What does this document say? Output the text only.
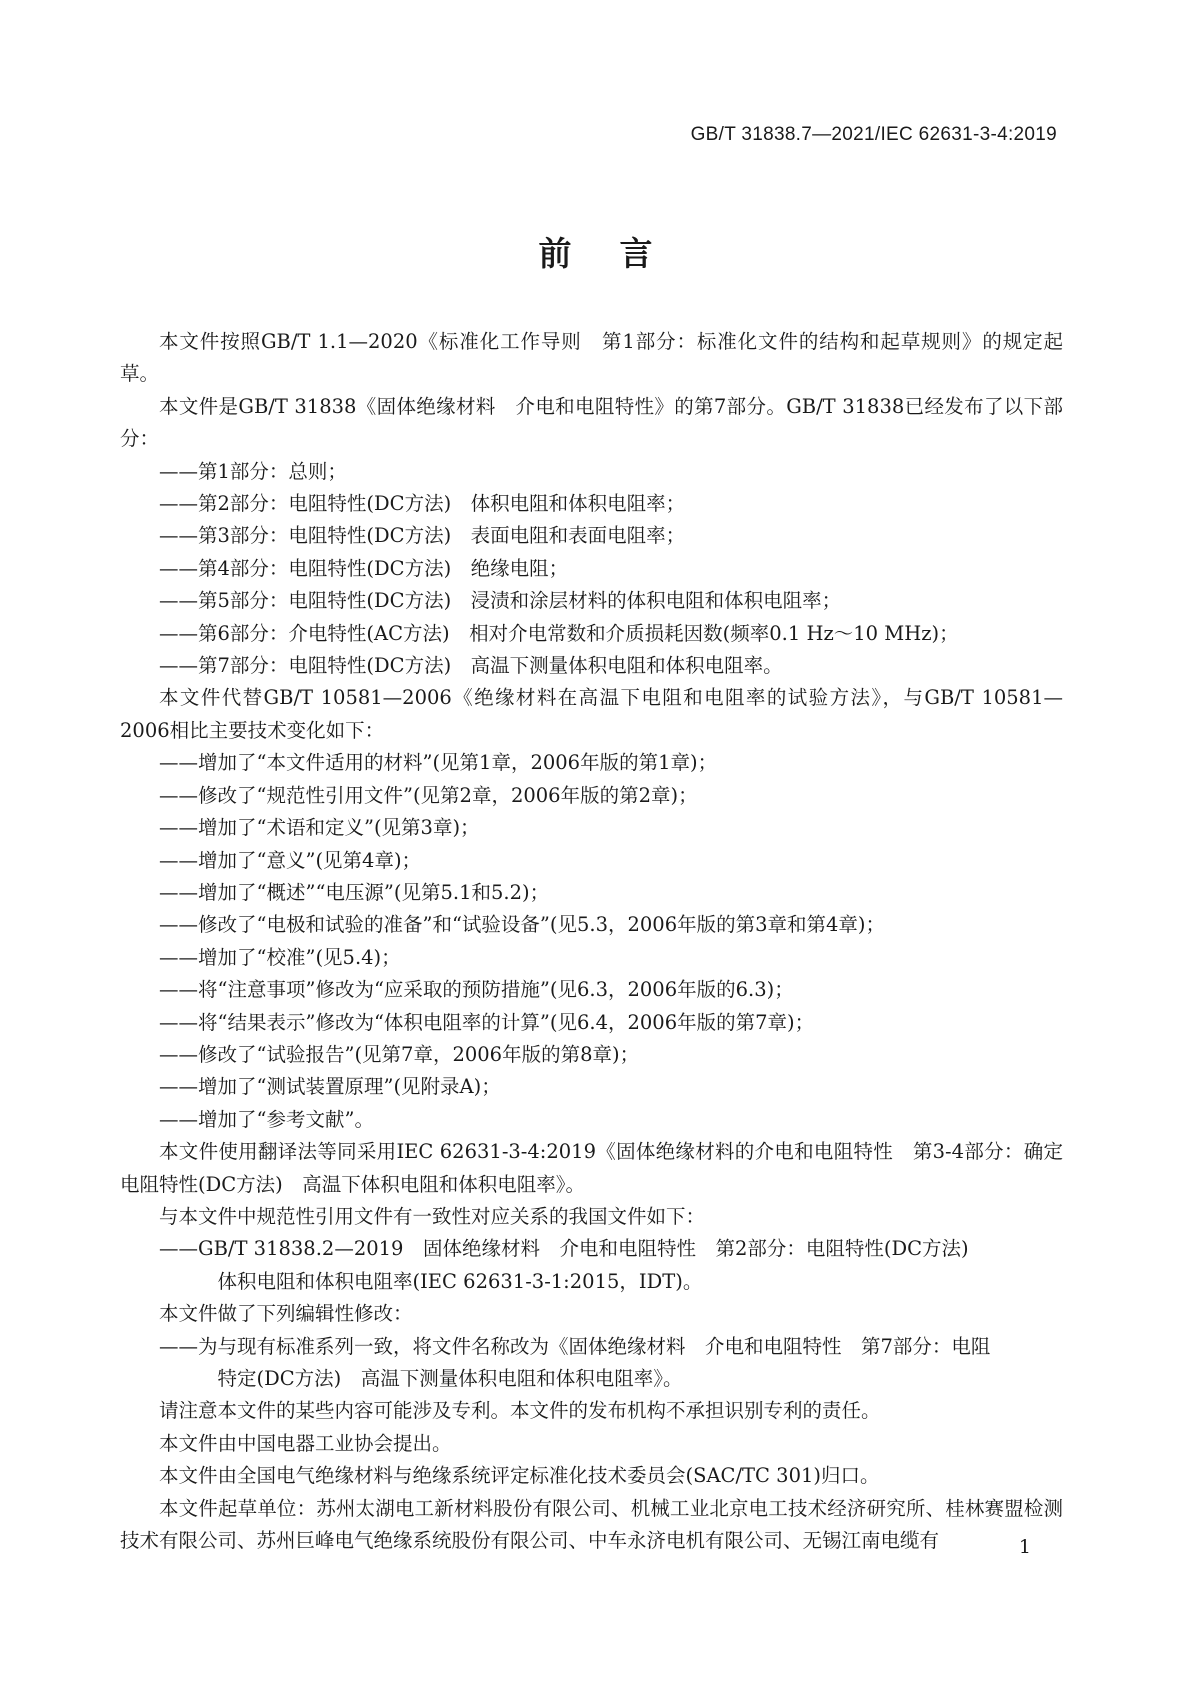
GB/T 31838.7—2021/IEC 62631-3-4:2019
前言

本文件按照GB/T 1.1—2020《标准化工作导则　第1部分：标准化文件的结构和起草规则》的规定起草。

本文件是GB/T 31838《固体绝缘材料　介电和电阻特性》的第7部分。GB/T 31838已经发布了以下部分：

——第1部分：总则；

——第2部分：电阻特性(DC方法)　体积电阻和体积电阻率；

——第3部分：电阻特性(DC方法)　表面电阻和表面电阻率；

——第4部分：电阻特性(DC方法)　绝缘电阻；

——第5部分：电阻特性(DC方法)　浸渍和涂层材料的体积电阻和体积电阻率；

——第6部分：介电特性(AC方法)　相对介电常数和介质损耗因数(频率0.1 Hz～10 MHz)；

——第7部分：电阻特性(DC方法)　高温下测量体积电阻和体积电阻率。

本文件代替GB/T 10581—2006《绝缘材料在高温下电阻和电阻率的试验方法》，与GB/T 10581—2006相比主要技术变化如下：

——增加了“本文件适用的材料”(见第1章，2006年版的第1章)；

——修改了“规范性引用文件”(见第2章，2006年版的第2章)；

——增加了“术语和定义”(见第3章)；

——增加了“意义”(见第4章)；

——增加了“概述”“电压源”(见第5.1和5.2)；

——修改了“电极和试验的准备”和“试验设备”(见5.3，2006年版的第3章和第4章)；

——增加了“校准”(见5.4)；

——将“注意事项”修改为“应采取的预防措施”(见6.3，2006年版的6.3)；

——将“结果表示”修改为“体积电阻率的计算”(见6.4，2006年版的第7章)；

——修改了“试验报告”(见第7章，2006年版的第8章)；

——增加了“测试装置原理”(见附录A)；

——增加了“参考文献”。

本文件使用翻译法等同采用IEC 62631-3-4:2019《固体绝缘材料的介电和电阻特性　第3-4部分：确定电阻特性(DC方法)　高温下体积电阻和体积电阻率》。

与本文件中规范性引用文件有一致性对应关系的我国文件如下：

——GB/T 31838.2—2019　固体绝缘材料　介电和电阻特性　第2部分：电阻特性(DC方法)

体积电阻和体积电阻率(IEC 62631-3-1:2015，IDT)。

本文件做了下列编辑性修改：

——为与现有标准系列一致，将文件名称改为《固体绝缘材料　介电和电阻特性　第7部分：电阻

特定(DC方法)　高温下测量体积电阻和体积电阻率》。

请注意本文件的某些内容可能涉及专利。本文件的发布机构不承担识别专利的责任。

本文件由中国电器工业协会提出。

本文件由全国电气绝缘材料与绝缘系统评定标准化技术委员会(SAC/TC 301)归口。

本文件起草单位：苏州太湖电工新材料股份有限公司、机械工业北京电工技术经济研究所、桂林赛盟检测技术有限公司、苏州巨峰电气绝缘系统股份有限公司、中车永济电机有限公司、无锡江南电缆有	1
